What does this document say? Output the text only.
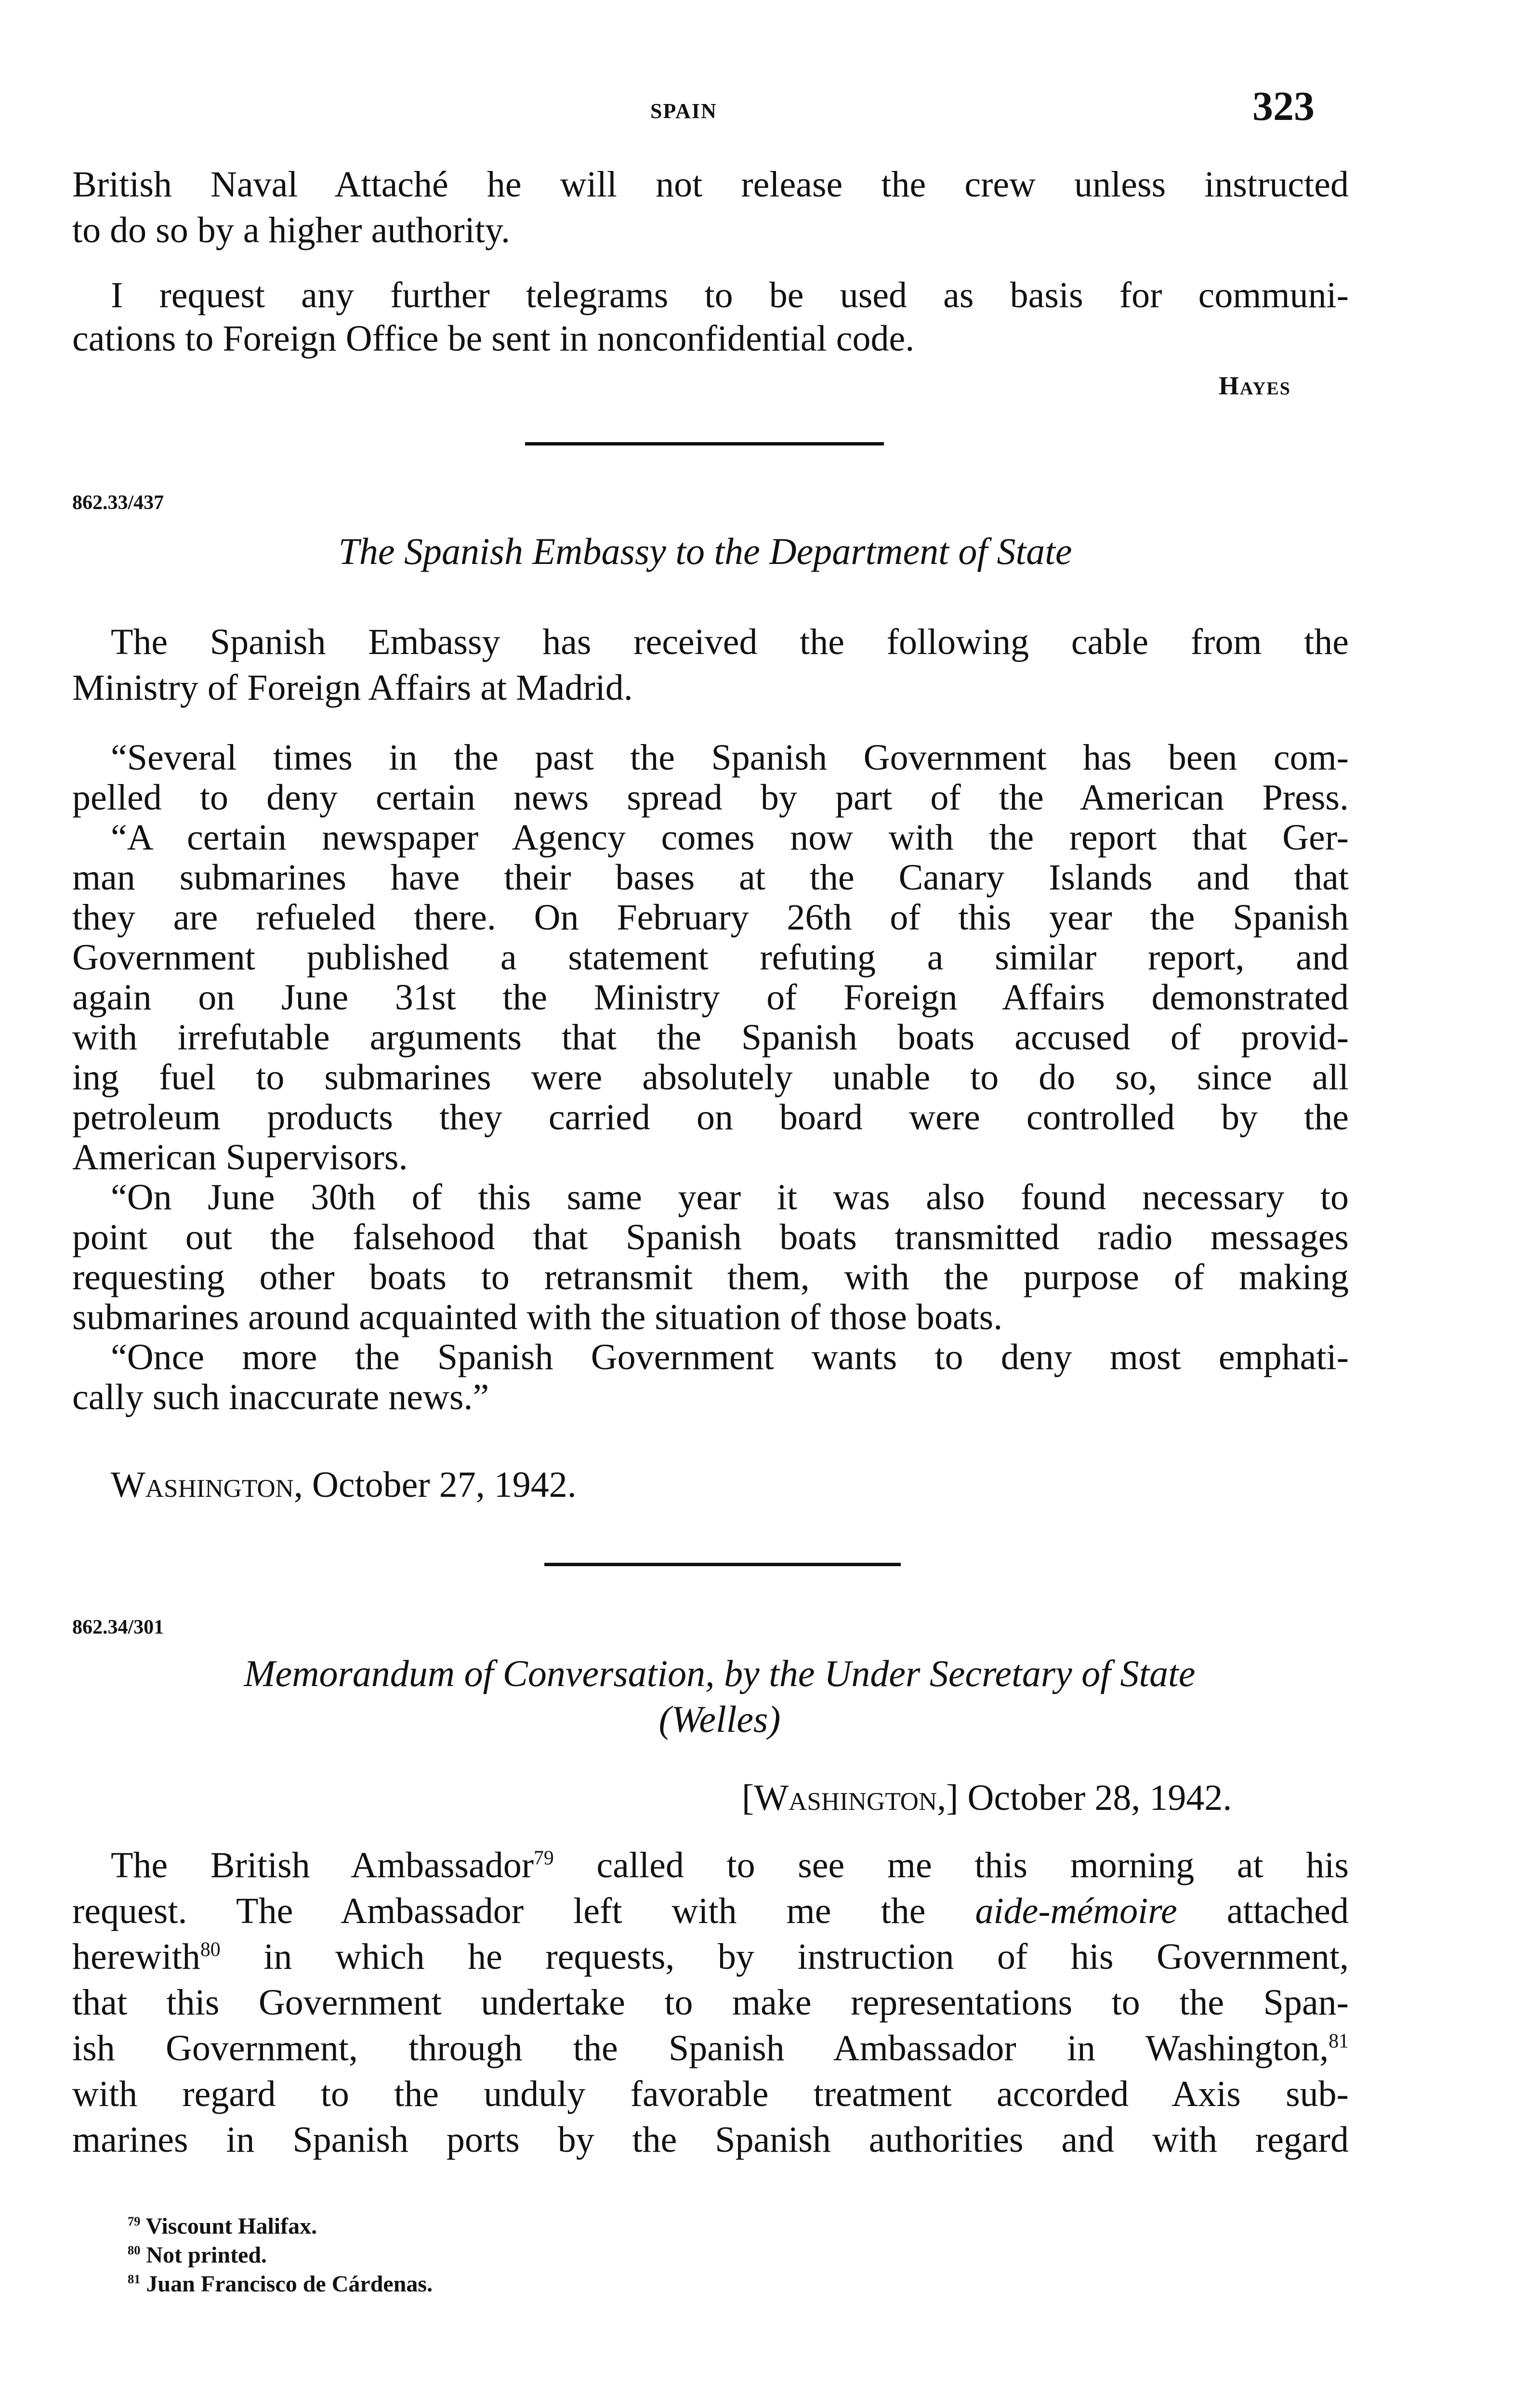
SPAIN	323
British Naval Attaché he will not release the crew unless instructed
to do so by a higher authority.
I request any further telegrams to be used as basis for communi-
cations to Foreign Office be sent in nonconfidential code.
Hayes
862.33/437
The Spanish Embassy to the Department of State
The Spanish Embassy has received the following cable from the
Ministry of Foreign Affairs at Madrid.
“Several times in the past the Spanish Government has been com-
pelled to deny certain news spread by part of the American Press.
“A certain newspaper Agency comes now with the report that Ger-
man submarines have their bases at the Canary Islands and that
they are refueled there. On February 26th of this year the Spanish
Government published a statement refuting a similar report, and
again on June 31st the Ministry of Foreign Affairs demonstrated
with irrefutable arguments that the Spanish boats accused of provid-
ing fuel to submarines were absolutely unable to do so, since all
petroleum products they carried on board were controlled by the
American Supervisors.
“On June 30th of this same year it was also found necessary to
point out the falsehood that Spanish boats transmitted radio messages
requesting other boats to retransmit them, with the purpose of making
submarines around acquainted with the situation of those boats.
“Once more the Spanish Government wants to deny most emphati-
cally such inaccurate news.”
Washington, October 27, 1942.
862.34/301
Memorandum of Conversation, by the Under Secretary of State
(Welles)
[Washington,] October 28, 1942.
The British Ambassador$^{79}$ called to see me this morning at his
request. The Ambassador left with me the aide-mémoire attached
herewith$^{80}$ in which he requests, by instruction of his Government,
that this Government undertake to make representations to the Span-
ish Government, through the Spanish Ambassador in Washington,$^{81}$
with regard to the unduly favorable treatment accorded Axis sub-
marines in Spanish ports by the Spanish authorities and with regard
$^{79}$ Viscount Halifax.
$^{80}$ Not printed.
$^{81}$ Juan Francisco de Cárdenas.
